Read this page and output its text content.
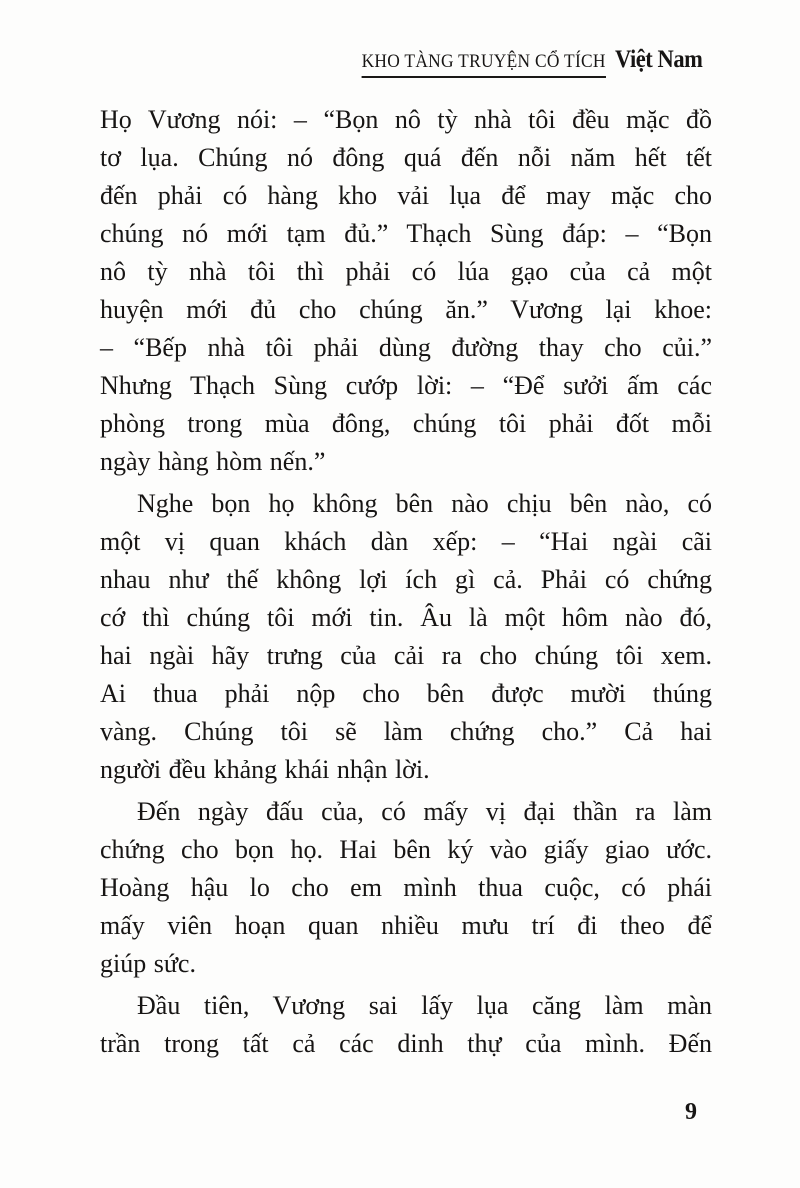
KHO TÀNG TRUYỆN CỔ TÍCH Việt Nam
Họ Vương nói: – “Bọn nô tỳ nhà tôi đều mặc đồ
tơ lụa. Chúng nó đông quá đến nỗi năm hết tết
đến phải có hàng kho vải lụa để may mặc cho
chúng nó mới tạm đủ.” Thạch Sùng đáp: – “Bọn
nô tỳ nhà tôi thì phải có lúa gạo của cả một
huyện mới đủ cho chúng ăn.” Vương lại khoe:
– “Bếp nhà tôi phải dùng đường thay cho củi.”
Nhưng Thạch Sùng cướp lời: – “Để sưởi ấm các
phòng trong mùa đông, chúng tôi phải đốt mỗi
ngày hàng hòm nến.”
Nghe bọn họ không bên nào chịu bên nào, có
một vị quan khách dàn xếp: – “Hai ngài cãi
nhau như thế không lợi ích gì cả. Phải có chứng
cớ thì chúng tôi mới tin. Âu là một hôm nào đó,
hai ngài hãy trưng của cải ra cho chúng tôi xem.
Ai thua phải nộp cho bên được mười thúng
vàng. Chúng tôi sẽ làm chứng cho.” Cả hai
người đều khảng khái nhận lời.
Đến ngày đấu của, có mấy vị đại thần ra làm
chứng cho bọn họ. Hai bên ký vào giấy giao ước.
Hoàng hậu lo cho em mình thua cuộc, có phái
mấy viên hoạn quan nhiều mưu trí đi theo để
giúp sức.
Đầu tiên, Vương sai lấy lụa căng làm màn
trần trong tất cả các dinh thự của mình. Đến
9
